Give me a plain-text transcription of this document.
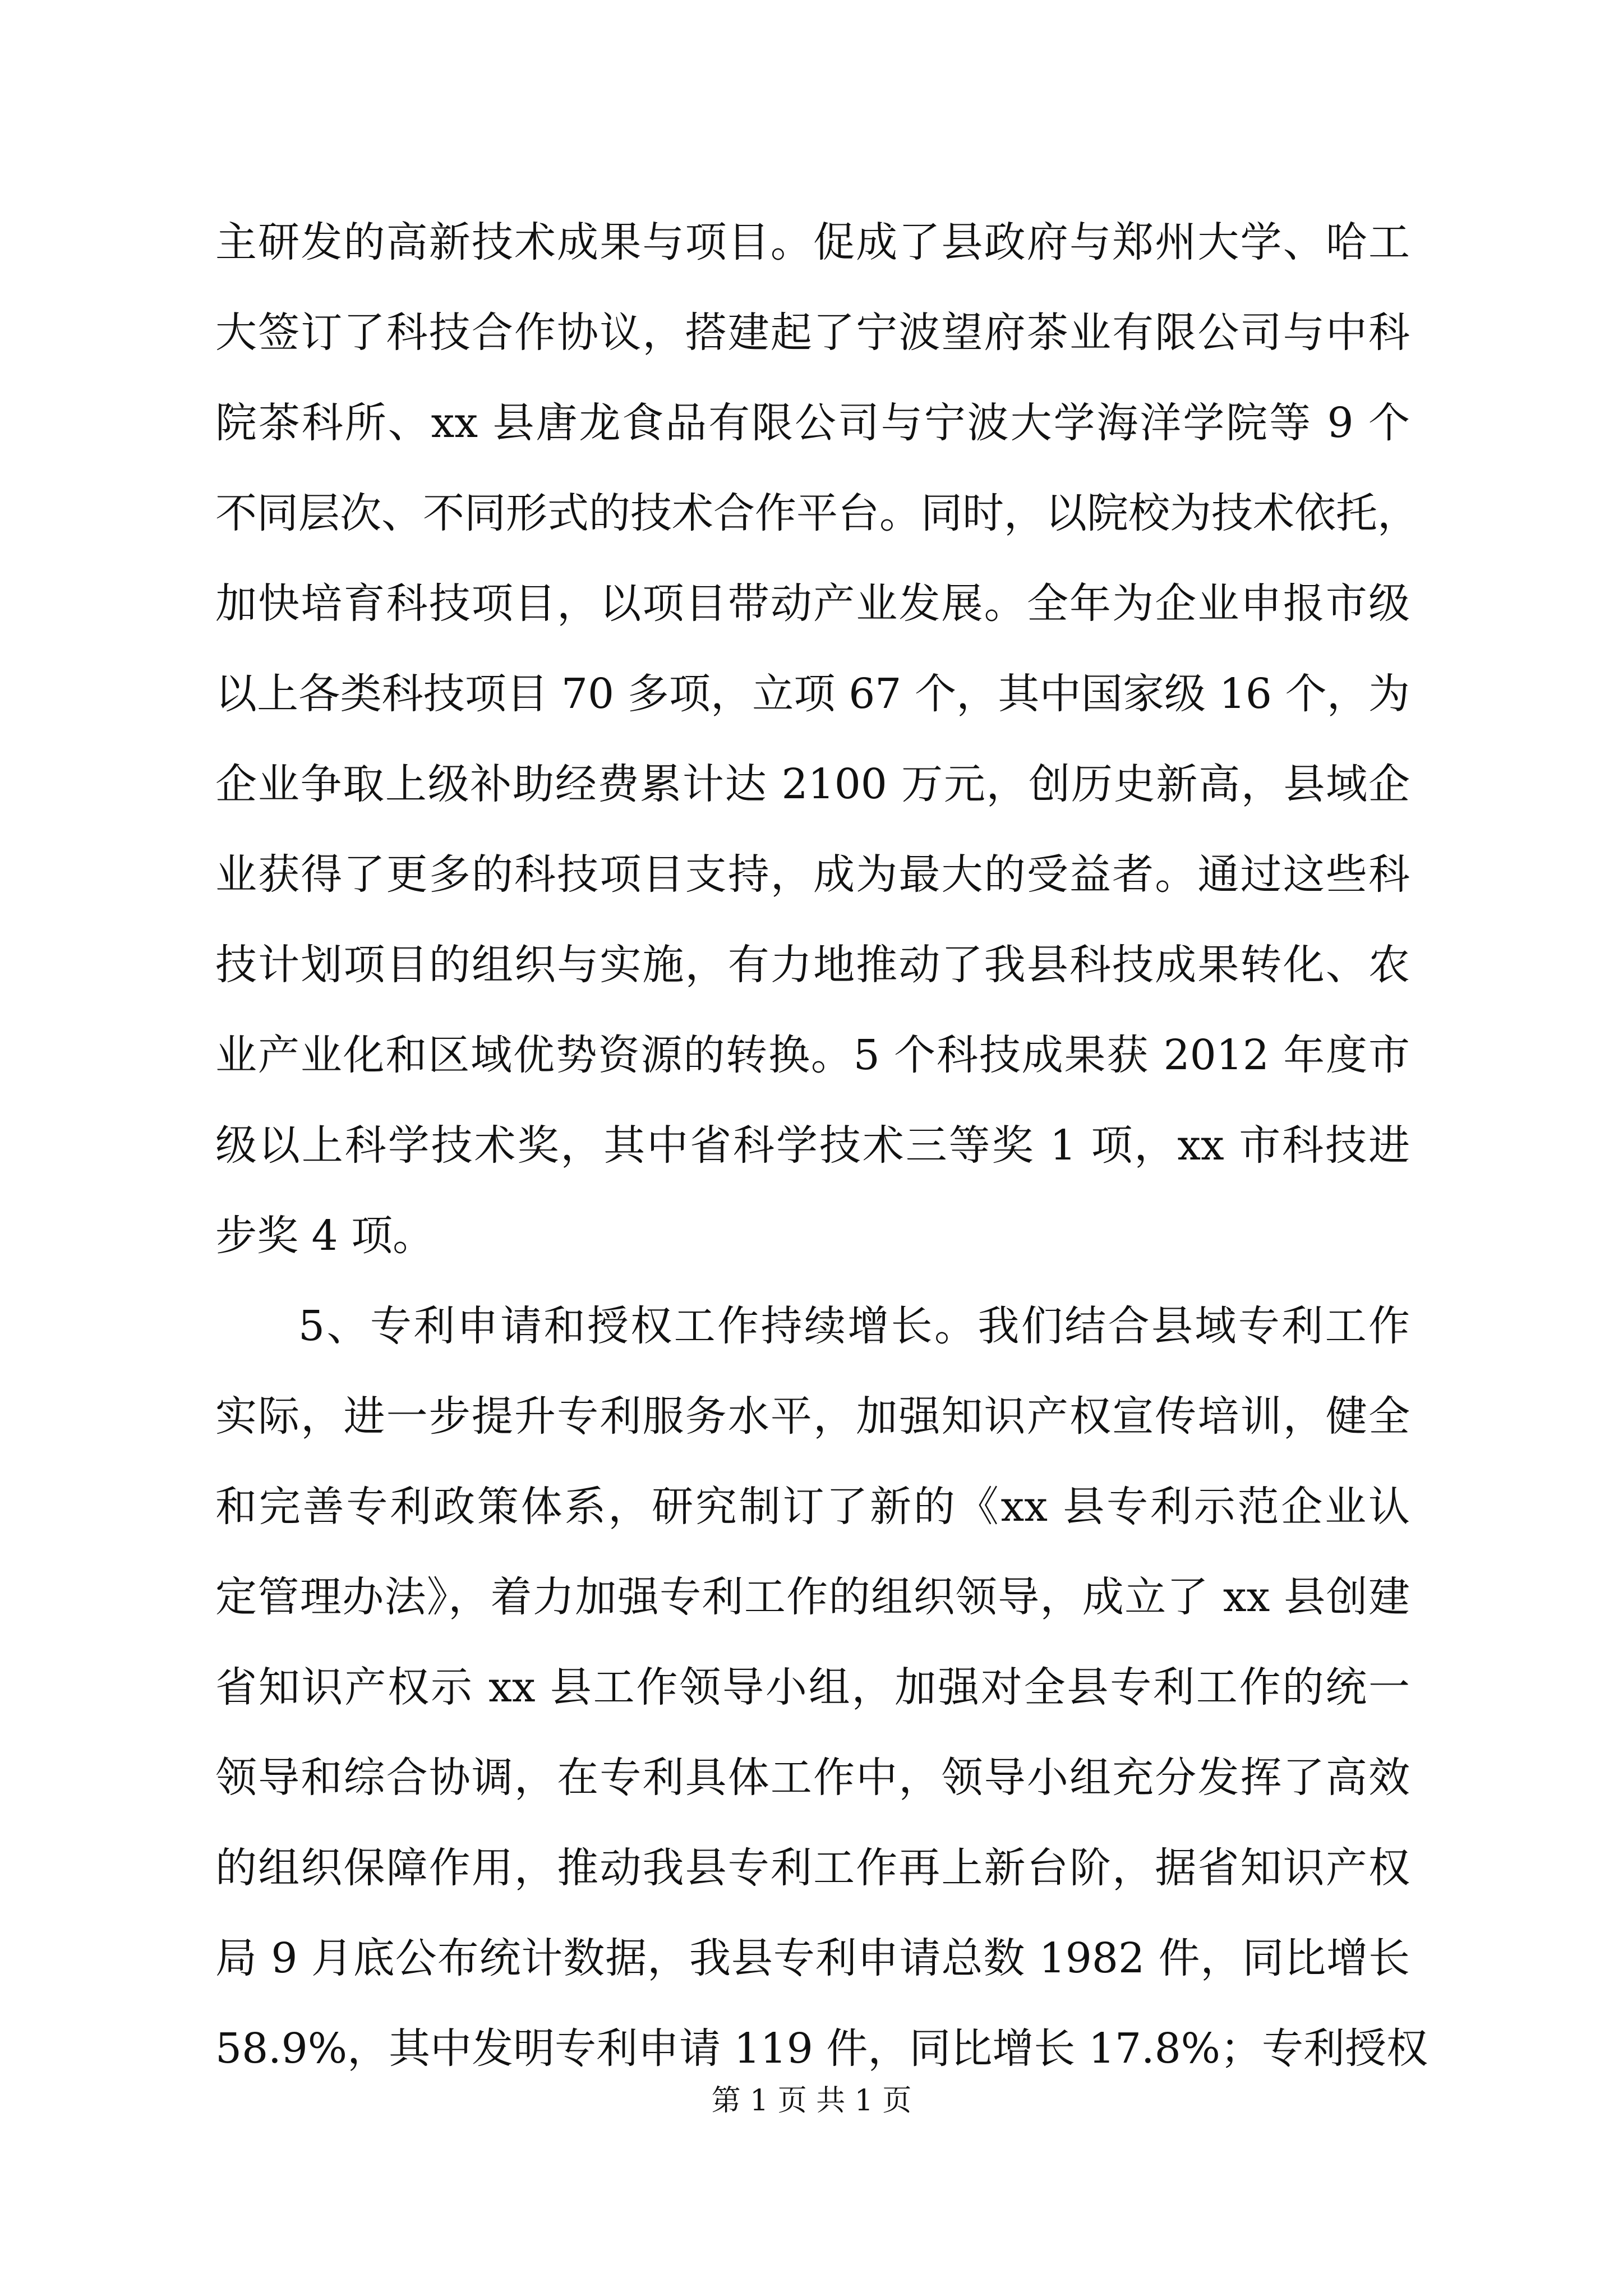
主研发的高新技术成果与项目。促成了县政府与郑州大学、哈工
大签订了科技合作协议，搭建起了宁波望府茶业有限公司与中科
院茶科所、xx 县唐龙食品有限公司与宁波大学海洋学院等 9 个
不同层次、不同形式的技术合作平台。同时，以院校为技术依托，
加快培育科技项目，以项目带动产业发展。全年为企业申报市级
以上各类科技项目 70 多项，立项 67 个，其中国家级 16 个，为
企业争取上级补助经费累计达 2100 万元，创历史新高，县域企
业获得了更多的科技项目支持，成为最大的受益者。通过这些科
技计划项目的组织与实施，有力地推动了我县科技成果转化、农
业产业化和区域优势资源的转换。5 个科技成果获 2012 年度市
级以上科学技术奖，其中省科学技术三等奖 1 项，xx 市科技进
步奖 4 项。
5、专利申请和授权工作持续增长。我们结合县域专利工作
实际，进一步提升专利服务水平，加强知识产权宣传培训，健全
和完善专利政策体系，研究制订了新的《xx 县专利示范企业认
定管理办法》，着力加强专利工作的组织领导，成立了 xx 县创建
省知识产权示 xx 县工作领导小组，加强对全县专利工作的统一
领导和综合协调，在专利具体工作中，领导小组充分发挥了高效
的组织保障作用，推动我县专利工作再上新台阶，据省知识产权
局 9 月底公布统计数据，我县专利申请总数 1982 件，同比增长
58.9%，其中发明专利申请 119 件，同比增长 17.8%；专利授权
第 1 页 共 1 页
